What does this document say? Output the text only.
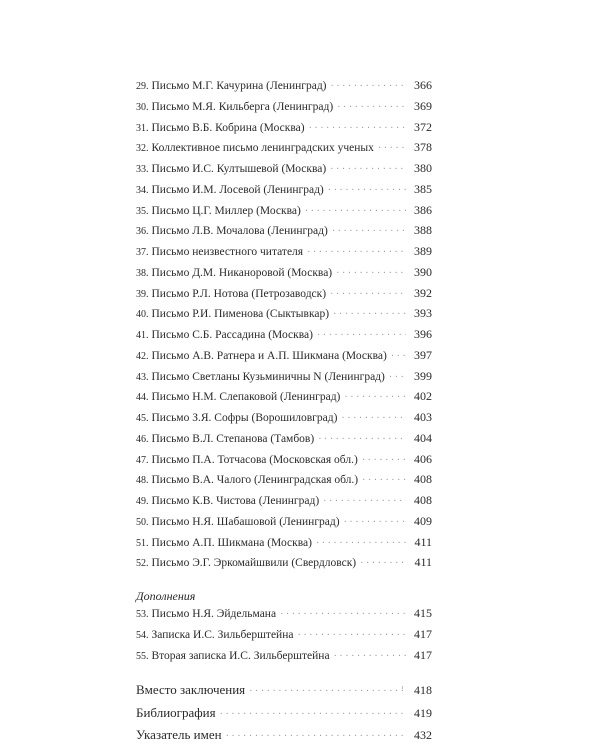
29. Письмо М.Г. Качурина (Ленинград) · · ·	366
30. Письмо М.Я. Кильберга (Ленинград) · · ·	369
31. Письмо В.Б. Кобрина (Москва) · · ·	372
32. Коллективное письмо ленинградских ученых · · ·	378
33. Письмо И.С. Култышевой (Москва) · · ·	380
34. Письмо И.М. Лосевой (Ленинград) · · ·	385
35. Письмо Ц.Г. Миллер (Москва) · · ·	386
36. Письмо Л.В. Мочалова (Ленинград) · · ·	388
37. Письмо неизвестного читателя · · ·	389
38. Письмо Д.М. Никаноровой (Москва) · · ·	390
39. Письмо Р.Л. Нотова (Петрозаводск) · · ·	392
40. Письмо Р.И. Пименова (Сыктывкар) · · ·	393
41. Письмо С.Б. Рассадина (Москва) · · ·	396
42. Письмо А.В. Ратнера и А.П. Шикмана (Москва) · · ·	397
43. Письмо Светланы Кузьминичны N (Ленинград) · · ·	399
44. Письмо Н.М. Слепаковой (Ленинград) · · ·	402
45. Письмо З.Я. Софры (Ворошиловград) · · ·	403
46. Письмо В.Л. Степанова (Тамбов) · · ·	404
47. Письмо П.А. Тотчасова (Московская обл.) · · ·	406
48. Письмо В.А. Чалого (Ленинградская обл.) · · ·	408
49. Письмо К.В. Чистова (Ленинград) · · ·	408
50. Письмо Н.Я. Шабашовой (Ленинград) · · ·	409
51. Письмо А.П. Шикмана (Москва) · · ·	411
52. Письмо Э.Г. Эркомайшвили (Свердловск) · · ·	411
Дополнения
53. Письмо Н.Я. Эйдельмана · · ·	415
54. Записка И.С. Зильберштейна · · ·	417
55. Вторая записка И.С. Зильберштейна · · ·	417
Вместо заключения · · ·	418
Библиография · · ·	419
Указатель имен · · ·	432
